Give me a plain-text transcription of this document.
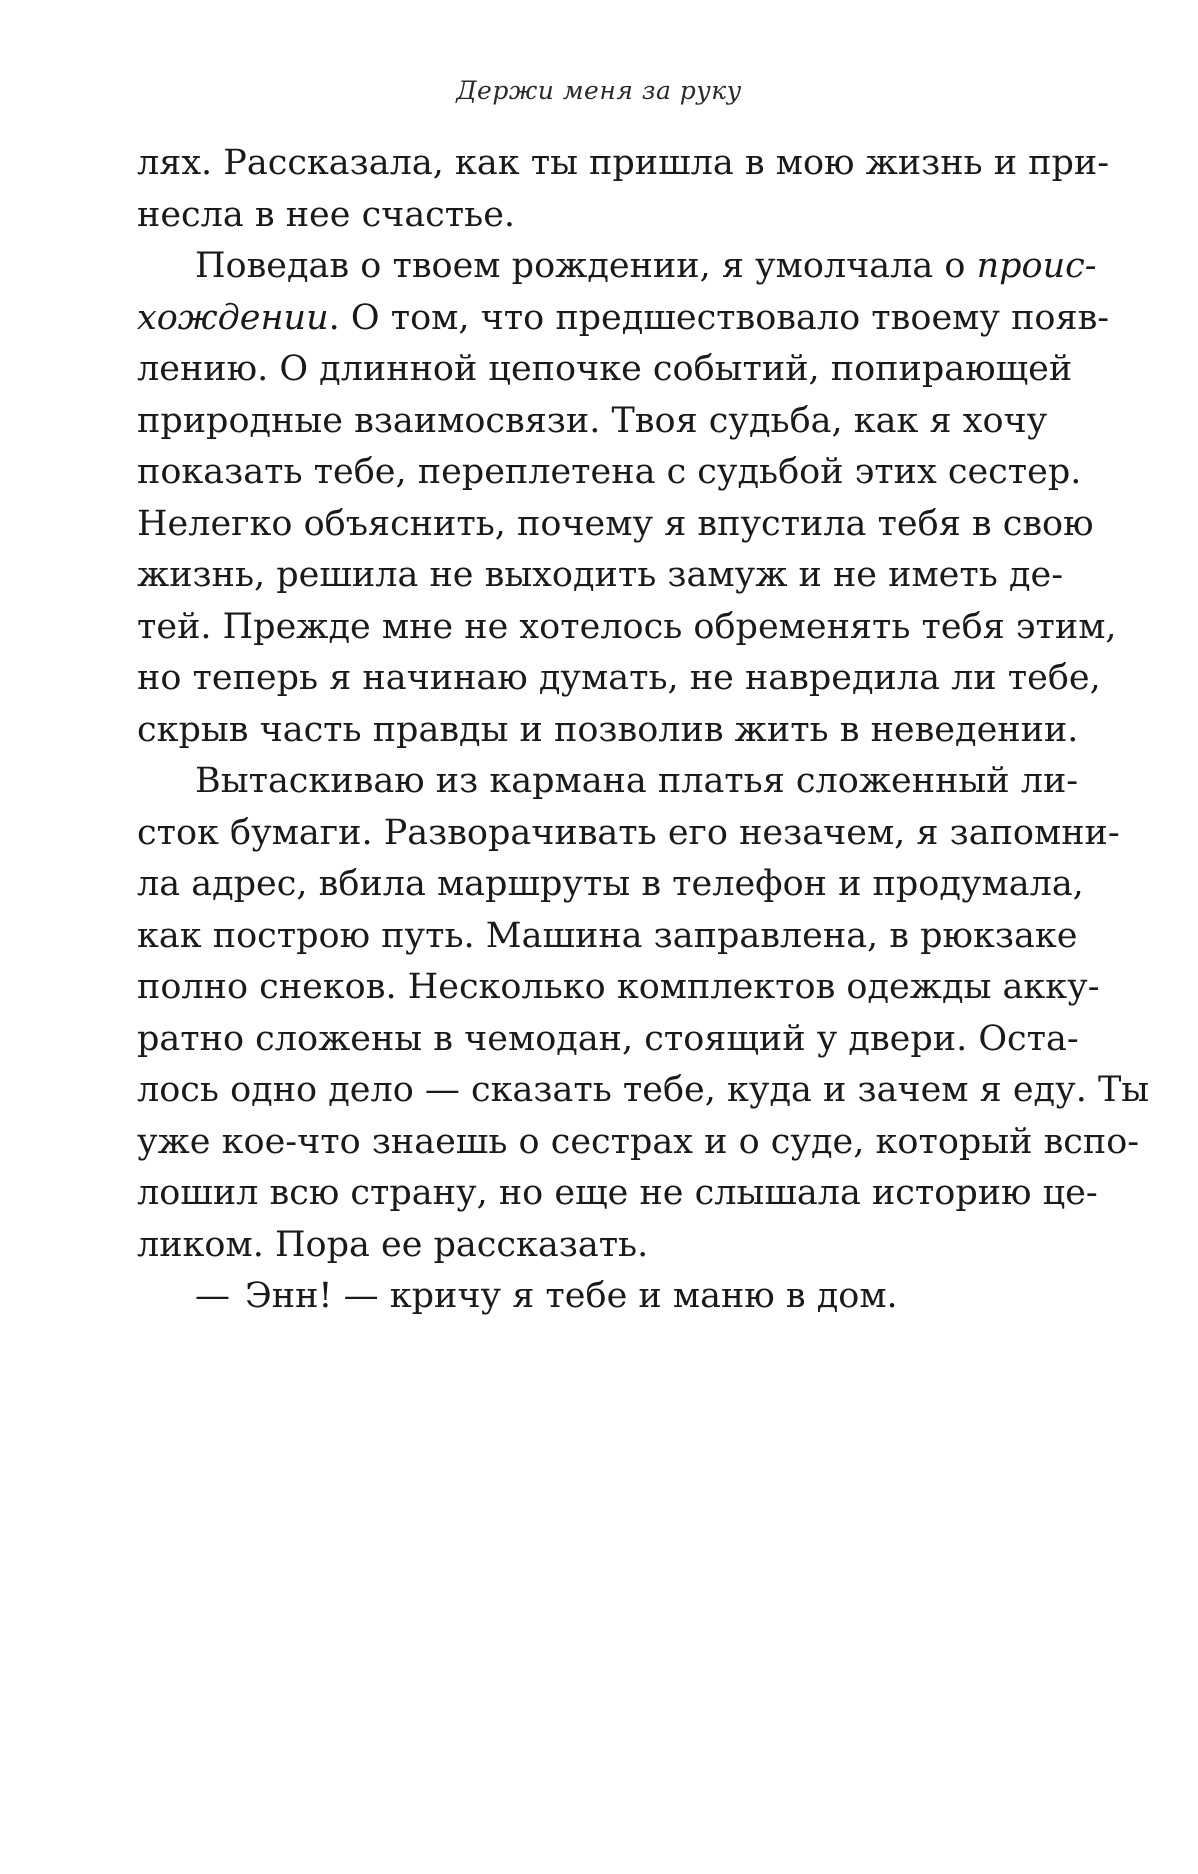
Держи меня за руку
лях. Рассказала, как ты пришла в мою жизнь и при-
несла в нее счастье.
Поведав о твоем рождении, я умолчала о проис-
хождении. О том, что предшествовало твоему появ-
лению. О длинной цепочке событий, попирающей
природные взаимосвязи. Твоя судьба, как я хочу
показать тебе, переплетена с судьбой этих сестер.
Нелегко объяснить, почему я впустила тебя в свою
жизнь, решила не выходить замуж и не иметь де-
тей. Прежде мне не хотелось обременять тебя этим,
но теперь я начинаю думать, не навредила ли тебе,
скрыв часть правды и позволив жить в неведении.
Вытаскиваю из кармана платья сложенный ли-
сток бумаги. Разворачивать его незачем, я запомни-
ла адрес, вбила маршруты в телефон и продумала,
как построю путь. Машина заправлена, в рюкзаке
полно снеков. Несколько комплектов одежды акку-
ратно сложены в чемодан, стоящий у двери. Оста-
лось одно дело — сказать тебе, куда и зачем я еду. Ты
уже кое-что знаешь о сестрах и о суде, который вспо-
лошил всю страну, но еще не слышала историю це-
ликом. Пора ее рассказать.
— Энн! — кричу я тебе и маню в дом.
